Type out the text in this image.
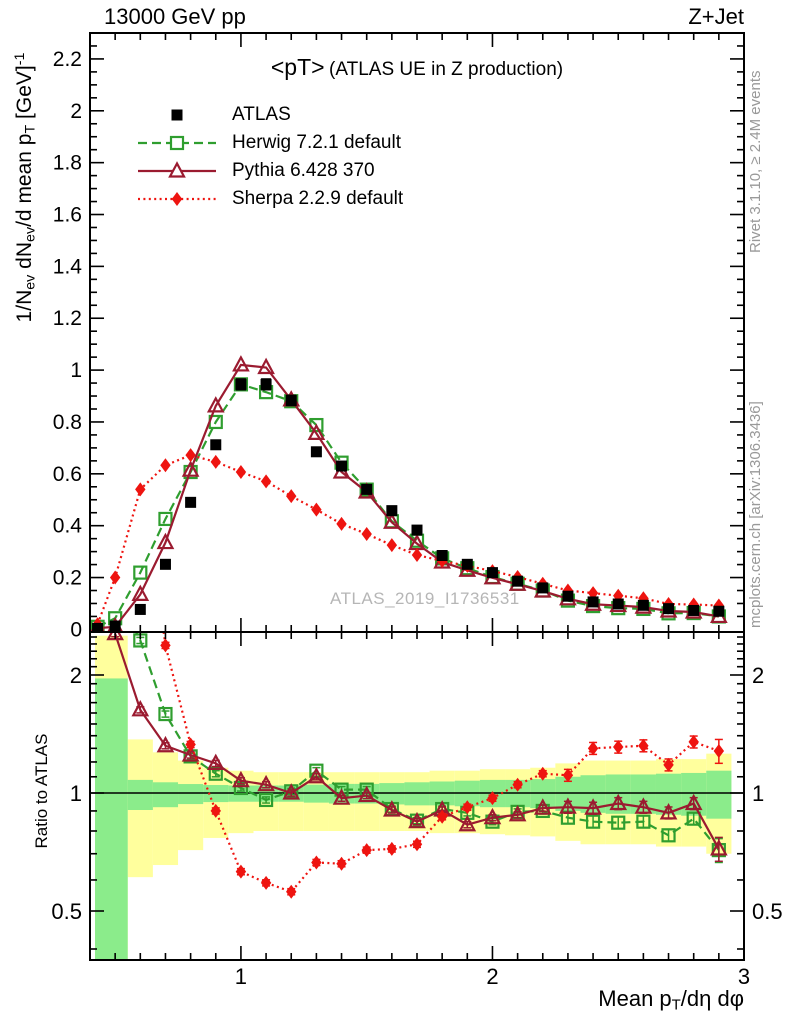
0
0.2
0.4
0.6
0.8
1
1.2
1.4
1.6
1.8
2
2.2
0.5	0.5
1	1
2	2
1	2	3
13000 GeV pp	Z+Jet
<pT> (ATLAS UE in Z production)
ATLAS
Herwig 7.2.1 default
Pythia 6.428 370
Sherpa 2.2.9 default
$1/N_{ev}$ $dN_{ev}/d$ mean $p_T$ [GeV]$^{-1}$
Ratio to ATLAS
Rivet 3.1.10, ≥ 2.4M events
mcplots.cern.ch [arXiv:1306.3436]
ATLAS_2019_I1736531
Mean $p_T/d\eta$ dφ
